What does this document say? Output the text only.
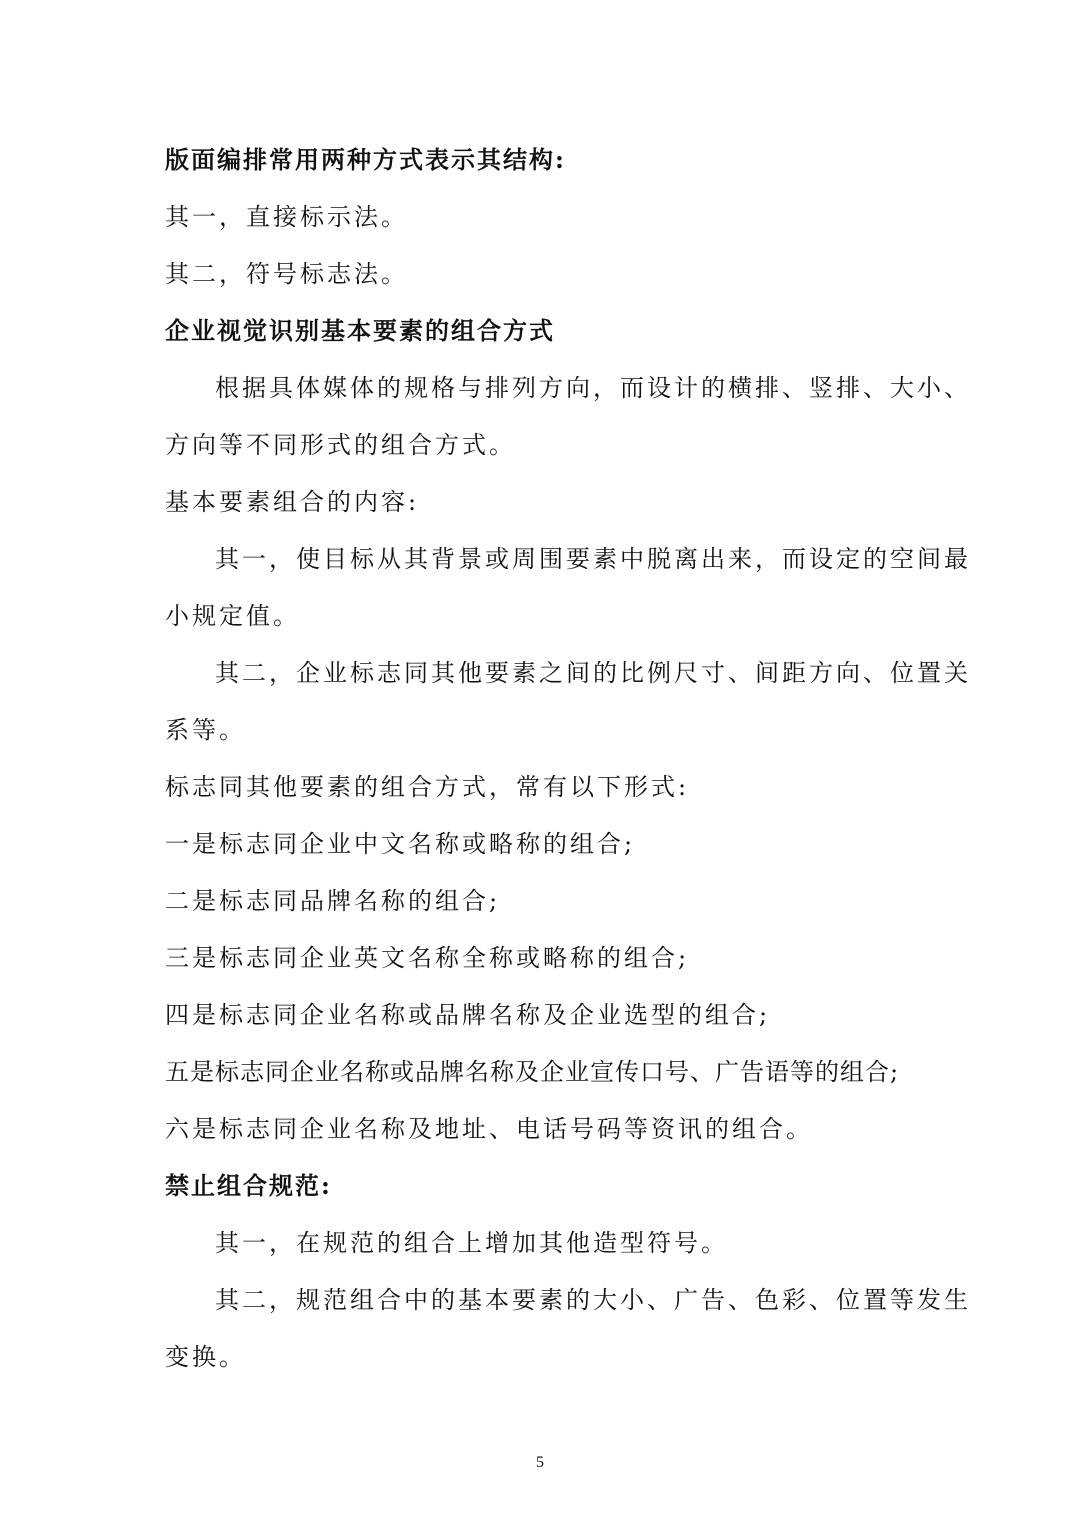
版面编排常用两种方式表示其结构:
其一，直接标示法。
其二，符号标志法。
企业视觉识别基本要素的组合方式
根据具体媒体的规格与排列方向，而设计的横排、竖排、大小、
方向等不同形式的组合方式。
基本要素组合的内容:
其一，使目标从其背景或周围要素中脱离出来，而设定的空间最
小规定值。
其二，企业标志同其他要素之间的比例尺寸、间距方向、位置关
系等。
标志同其他要素的组合方式，常有以下形式:
一是标志同企业中文名称或略称的组合;
二是标志同品牌名称的组合;
三是标志同企业英文名称全称或略称的组合;
四是标志同企业名称或品牌名称及企业选型的组合;
五是标志同企业名称或品牌名称及企业宣传口号、广告语等的组合;
六是标志同企业名称及地址、电话号码等资讯的组合。
禁止组合规范:
其一，在规范的组合上增加其他造型符号。
其二，规范组合中的基本要素的大小、广告、色彩、位置等发生
变换。
5
